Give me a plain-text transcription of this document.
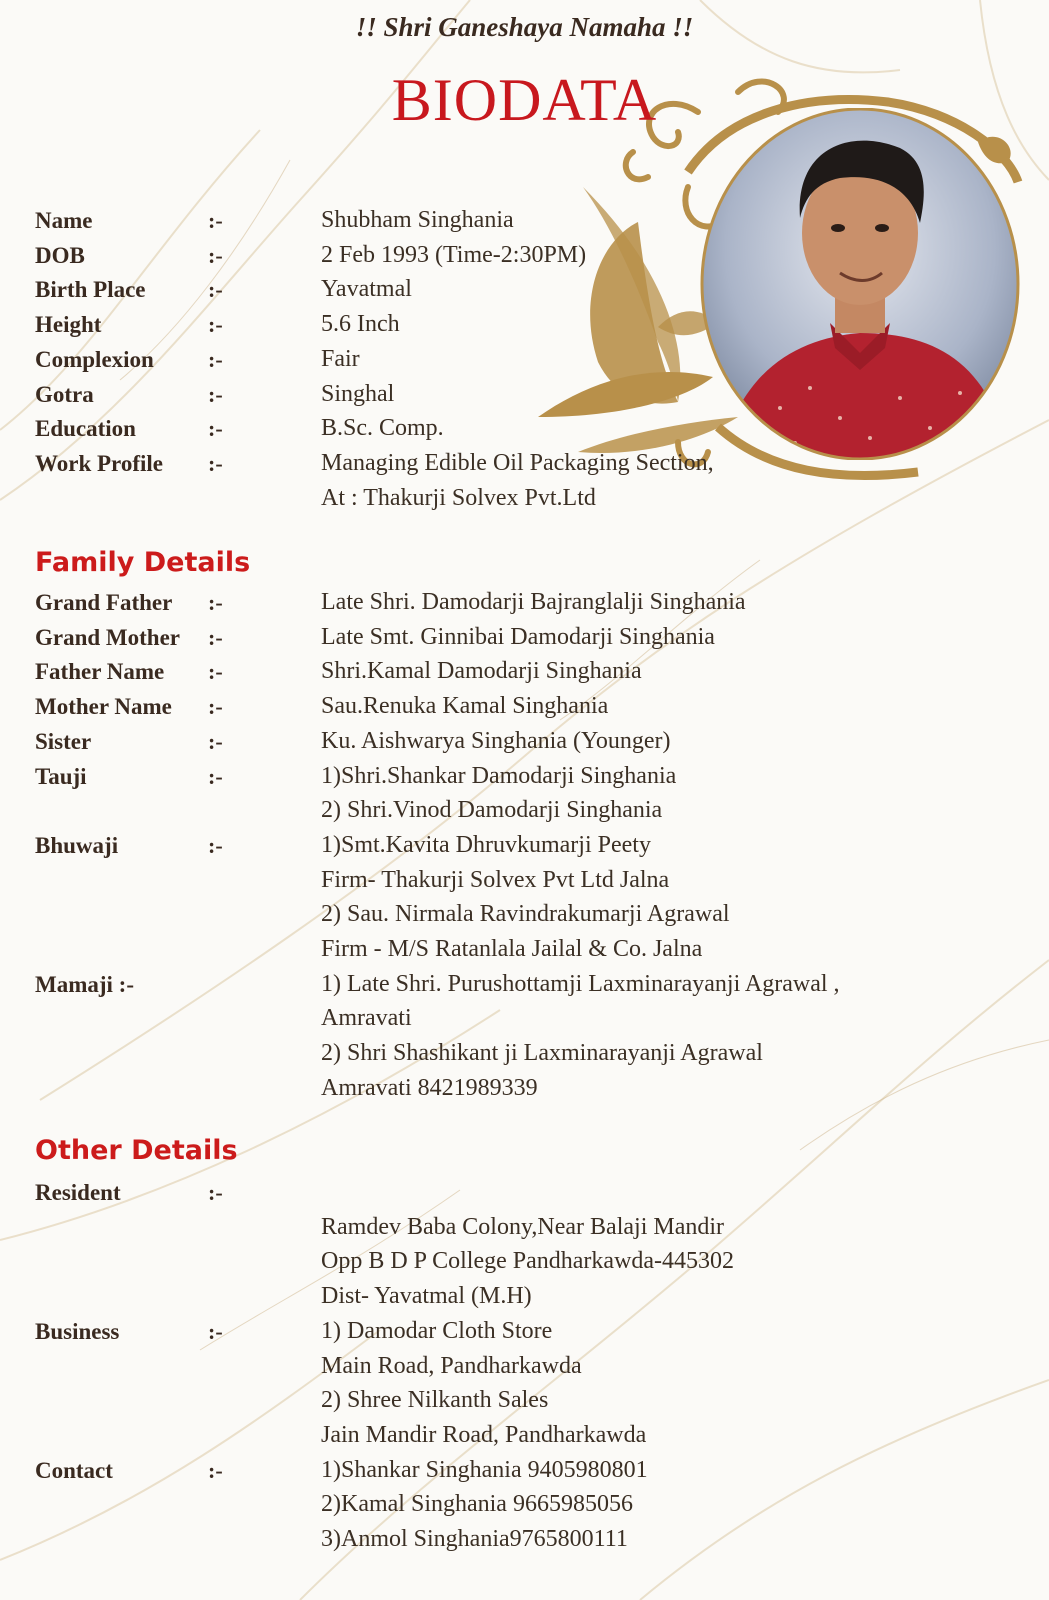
!! Shri Ganeshaya Namaha !!
BIODATA
Name	:-	Shubham Singhania
DOB	:-	2 Feb 1993 (Time-2:30PM)
Birth Place	:-	Yavatmal
Height	:-	5.6 Inch
Complexion :-	Fair
Gotra	:-	Singhal
Education	:-	B.Sc. Comp.
Work Profile :-	Managing Edible Oil Packaging Section,
At : Thakurji Solvex Pvt.Ltd
Family Details
Grand Father :-	Late Shri. Damodarji Bajranglalji Singhania
Grand Mother :-	Late Smt. Ginnibai Damodarji Singhania
Father Name :-	Shri.Kamal Damodarji Singhania
Mother Name :-	Sau.Renuka Kamal Singhania
Sister	:-	Ku. Aishwarya Singhania (Younger)
Tauji	:-	1)Shri.Shankar Damodarji Singhania
2) Shri.Vinod Damodarji Singhania
Bhuwaji	:-	1)Smt.Kavita Dhruvkumarji Peety
Firm- Thakurji Solvex Pvt Ltd Jalna
2) Sau. Nirmala Ravindrakumarji Agrawal
Firm - M/S Ratanlala Jailal & Co. Jalna
Mamaji :-	1) Late Shri. Purushottamji Laxminarayanji Agrawal ,
Amravati
2) Shri Shashikant ji Laxminarayanji Agrawal
Amravati 8421989339
Other Details
Resident	:-
Ramdev Baba Colony,Near Balaji Mandir
Opp B D P College Pandharkawda-445302
Dist- Yavatmal (M.H)
Business	:-	1) Damodar Cloth Store
Main Road, Pandharkawda
2) Shree Nilkanth Sales
Jain Mandir Road, Pandharkawda
Contact	:-	1)Shankar Singhania 9405980801
2)Kamal Singhania 9665985056
3)Anmol Singhania9765800111
